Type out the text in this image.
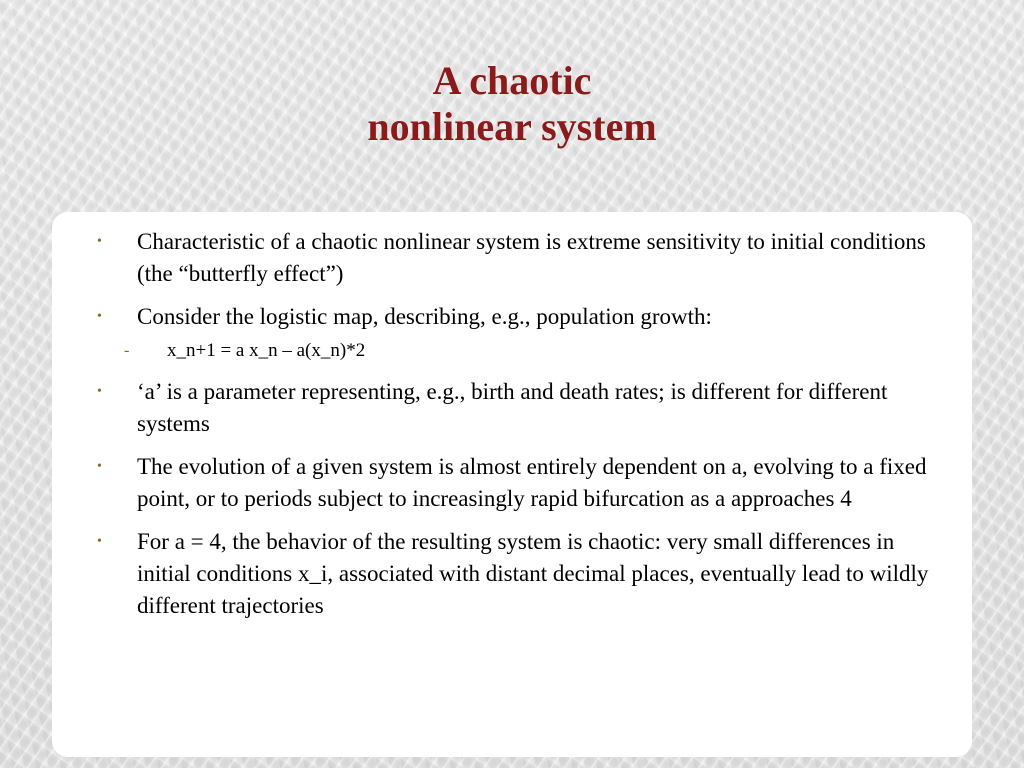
A chaotic
nonlinear system
• Characteristic of a chaotic nonlinear system is extreme sensitivity to initial conditions (the “butterfly effect”)
• Consider the logistic map, describing, e.g., population growth:
- x_n+1 = a x_n – a(x_n)*2
• ‘a’ is a parameter representing, e.g., birth and death rates; is different for different systems
• The evolution of a given system is almost entirely dependent on a, evolving to a fixed point, or to periods subject to increasingly rapid bifurcation as a approaches 4
• For a = 4, the behavior of the resulting system is chaotic: very small differences in initial conditions x_i, associated with distant decimal places, eventually lead to wildly different trajectories
